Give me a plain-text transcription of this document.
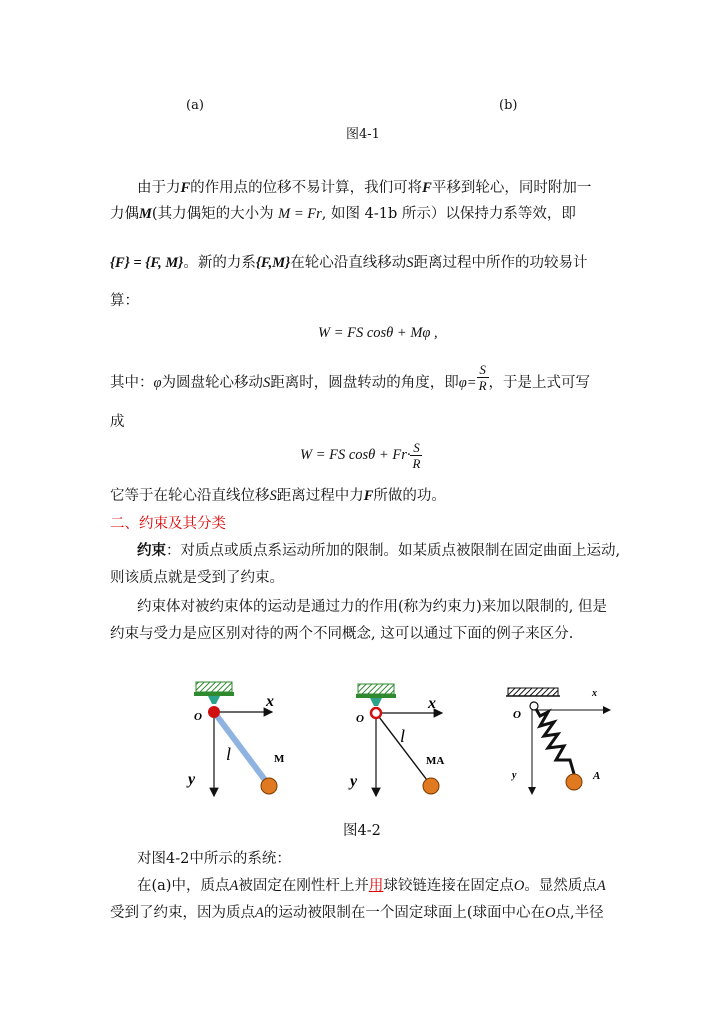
(a)	(b)
图4-1
由于力F的作用点的位移不易计算，我们可将F平移到轮心，同时附加一
力偶M(其力偶矩的大小为 M = Fr, 如图 4-1b 所示）以保持力系等效，即
{F} = {F, M}。新的力系{F,M}在轮心沿直线移动S距离过程中所作的功较易计
算：
W = FS cosθ + Mφ ,
其中：φ为圆盘轮心移动S距离时，圆盘转动的角度，即$\varphi= \frac{S}{R}$ ，于是上式可写
成
W = FS $\cos\theta + Fr\cdot \frac{S}{R}$
它等于在轮心沿直线位移S距离过程中力F所做的功。
二、约束及其分类
约束：对质点或质点系运动所加的限制。如某质点被限制在固定曲面上运动,
则该质点就是受到了约束。
约束体对被约束体的运动是通过力的作用(称为约束力)来加以限制的, 但是
约束与受力是应区别对待的两个不同概念, 这可以通过下面的例子来区分.
O
x
y
l	M
O
x
y
l
MA
O
x
y	A
图4-2
对图4-2中所示的系统：
在(a)中，质点A被固定在刚性杆上并用球铰链连接在固定点O。显然质点A
受到了约束，因为质点A的运动被限制在一个固定球面上(球面中心在O点,半径
